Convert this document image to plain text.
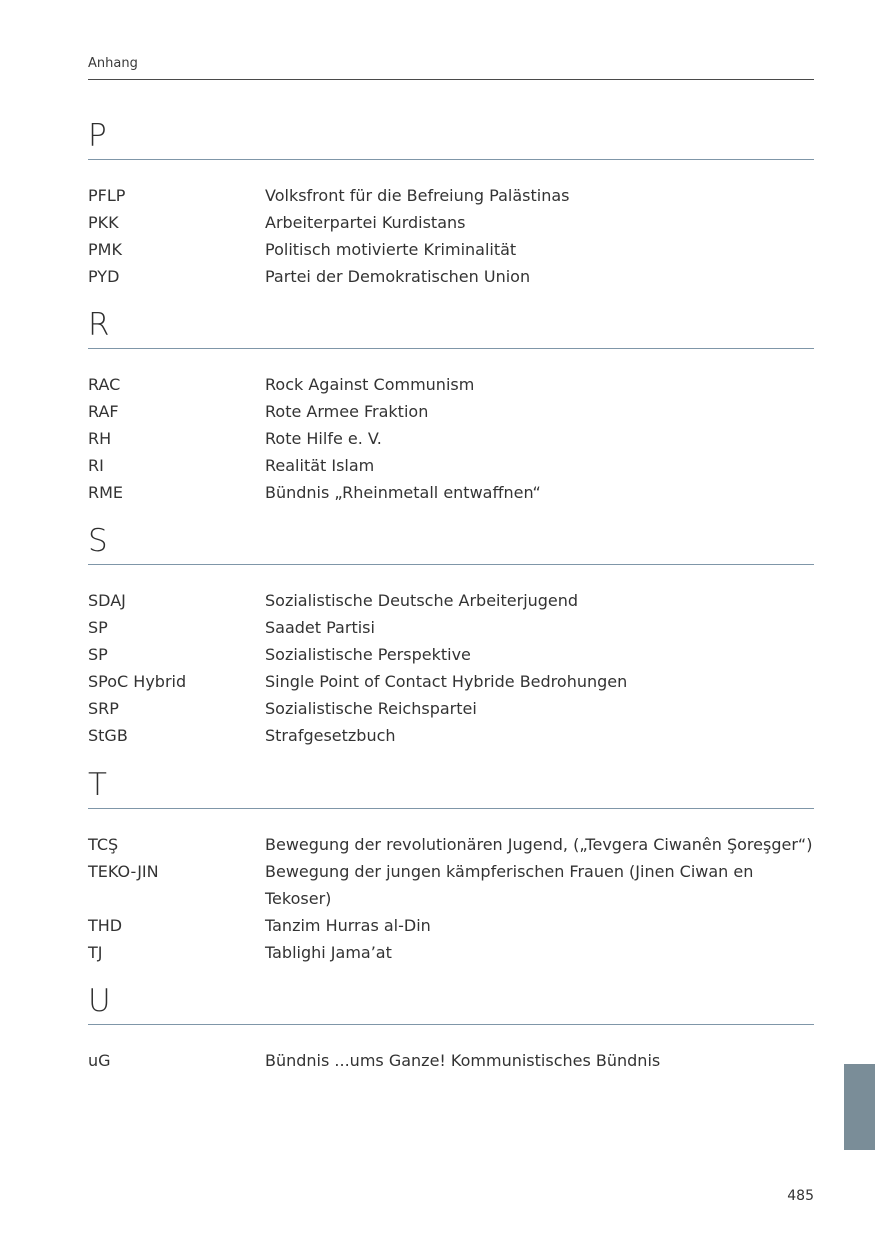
Anhang
P
PFLP	Volksfront für die Befreiung Palästinas
PKK	Arbeiterpartei Kurdistans
PMK	Politisch motivierte Kriminalität
PYD	Partei der Demokratischen Union
R
RAC	Rock Against Communism
RAF	Rote Armee Fraktion
RH	Rote Hilfe e. V.
RI	Realität Islam
RME	Bündnis „Rheinmetall entwaffnen“
S
SDAJ	Sozialistische Deutsche Arbeiterjugend
SP	Saadet Partisi
SP	Sozialistische Perspektive
SPoC Hybrid	Single Point of Contact Hybride Bedrohungen
SRP	Sozialistische Reichspartei
StGB	Strafgesetzbuch
T
TCŞ	Bewegung der revolutionären Jugend, („Tevgera Ciwanên Şoreşger“)
TEKO-JIN	Bewegung der jungen kämpferischen Frauen (Jinen Ciwan en Tekoser)
THD	Tanzim Hurras al-Din
TJ	Tablighi Jama’at
U
uG	Bündnis ...ums Ganze! Kommunistisches Bündnis
485
